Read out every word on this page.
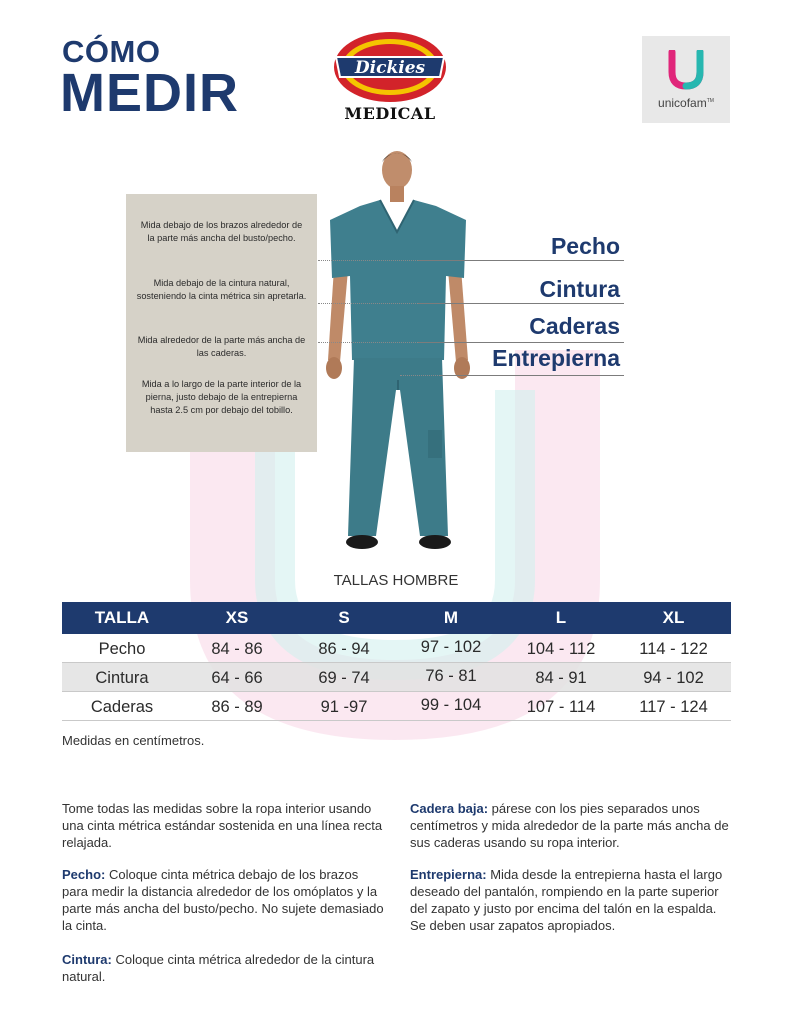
CÓMO
MEDIR	Dickies
MEDICAL
unicofam™

Mida debajo de los brazos alrededor de la parte más ancha del busto/pecho.

Mida debajo de la cintura natural, sosteniendo la cinta métrica sin apretarla.

Mida alrededor de la parte más ancha de las caderas.

Mida a lo largo de la parte interior de la pierna, justo debajo de la entrepierna hasta 2.5 cm por debajo del tobillo.

Pecho
Cintura
Caderas
Entrepierna
TALLAS HOMBRE
TALLA	XS	S	M	L	XL
Pecho	84 - 86	86 - 94	97 - 102	104 - 112	114 - 122
Cintura	64 - 66	69 - 74	76 - 81	84 - 91	94 - 102
Caderas	86 - 89	91 -97	99 - 104	107 - 114	117 - 124
Medidas en centímetros.

Tome todas las medidas sobre la ropa interior usando una cinta métrica estándar sostenida en una línea recta relajada.

Pecho: Coloque cinta métrica debajo de los brazos para medir la distancia alrededor de los omóplatos y la parte más ancha del busto/pecho. No sujete demasiado la cinta.

Cintura: Coloque cinta métrica alrededor de la cintura natural.

Cadera baja: párese con los pies separados unos centímetros y mida alrededor de la parte más ancha de sus caderas usando su ropa interior.

Entrepierna: Mida desde la entrepierna hasta el largo deseado del pantalón, rompiendo en la parte superior del zapato y justo por encima del talón en la espalda. Se deben usar zapatos apropiados.
